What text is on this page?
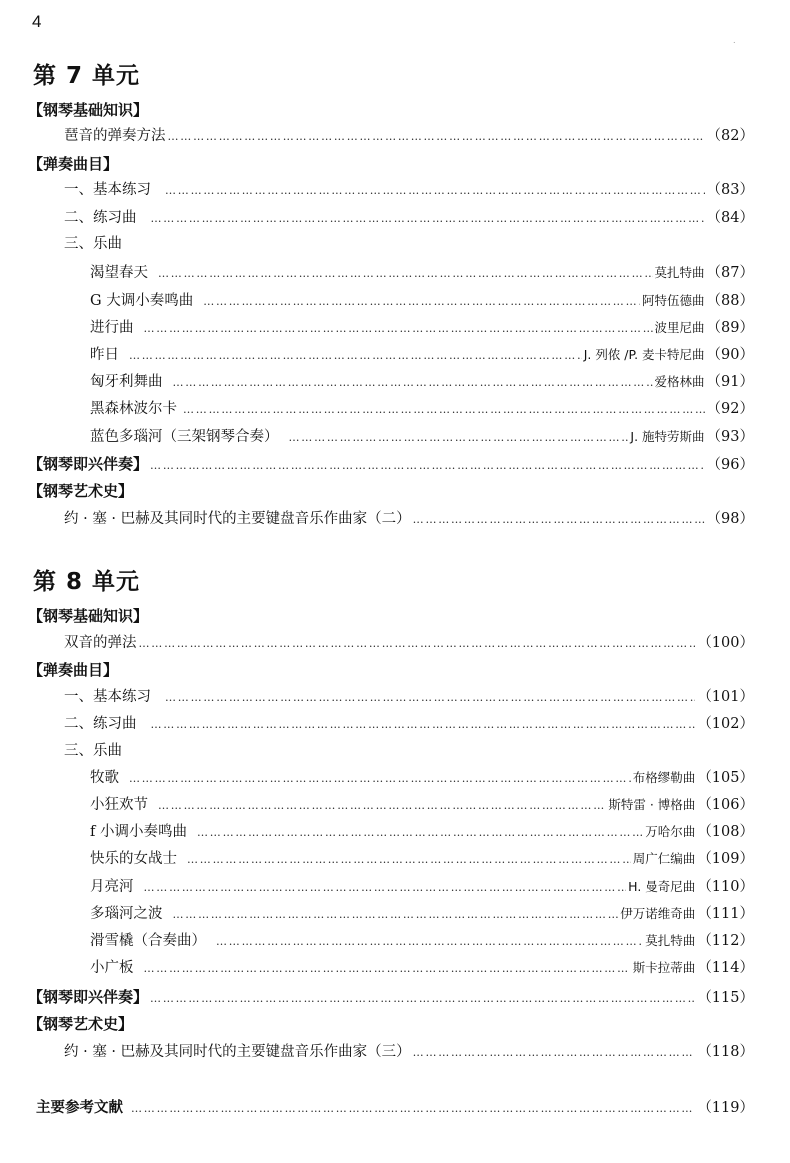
4
.
第 7 单元
【钢琴基础知识】
琶音的弹奏方法 ……………………………………………………………………………………………………………………………………………………………………………………………………………………………………	（82）
【弹奏曲目】
一、基本练习 ……………………………………………………………………………………………………………………………………………………………………………………………………………………………………	（83）
二、练习曲 ……………………………………………………………………………………………………………………………………………………………………………………………………………………………………	（84）
三、乐曲
渴望春天 ……………………………………………………………………………………………………………………………………………………………………………………………………………………………………	莫扎特曲 （87）
G 大调小奏鸣曲 ……………………………………………………………………………………………………………………………………………………………………………………………………………………………………	阿特伍德曲 （88）
进行曲 ……………………………………………………………………………………………………………………………………………………………………………………………………………………………………	波里尼曲 （89）
昨日 ……………………………………………………………………………………………………………………………………………………………………………………………………………………………………	J. 列侬 /P. 麦卡特尼曲 （90）
匈牙利舞曲 ……………………………………………………………………………………………………………………………………………………………………………………………………………………………………	爱格林曲 （91）
黑森林波尔卡 ……………………………………………………………………………………………………………………………………………………………………………………………………………………………………	（92）
蓝色多瑙河（三架钢琴合奏） ……………………………………………………………………………………………………………………………………………………………………………………………………………………………………	J. 施特劳斯曲 （93）
【钢琴即兴伴奏】 ……………………………………………………………………………………………………………………………………………………………………………………………………………………………………	（96）
【钢琴艺术史】
约 · 塞 · 巴赫及其同时代的主要键盘音乐作曲家（二） ……………………………………………………………………………………………………………………………………………………………………………………………………………………………………	（98）
第 8 单元
【钢琴基础知识】
双音的弹法 ……………………………………………………………………………………………………………………………………………………………………………………………………………………………………	（100）
【弹奏曲目】
一、基本练习 ……………………………………………………………………………………………………………………………………………………………………………………………………………………………………	（101）
二、练习曲 ……………………………………………………………………………………………………………………………………………………………………………………………………………………………………	（102）
三、乐曲
牧歌 ……………………………………………………………………………………………………………………………………………………………………………………………………………………………………	布格缪勒曲 （105）
小狂欢节 ……………………………………………………………………………………………………………………………………………………………………………………………………………………………………	斯特雷 · 博格曲 （106）
f 小调小奏鸣曲 ……………………………………………………………………………………………………………………………………………………………………………………………………………………………………	万哈尔曲 （108）
快乐的女战士 ……………………………………………………………………………………………………………………………………………………………………………………………………………………………………	周广仁编曲 （109）
月亮河 ……………………………………………………………………………………………………………………………………………………………………………………………………………………………………	H. 曼奇尼曲 （110）
多瑙河之波 ……………………………………………………………………………………………………………………………………………………………………………………………………………………………………	伊万诺维奇曲 （111）
滑雪橇（合奏曲） ……………………………………………………………………………………………………………………………………………………………………………………………………………………………………	莫扎特曲 （112）
小广板 ……………………………………………………………………………………………………………………………………………………………………………………………………………………………………	斯卡拉蒂曲 （114）
【钢琴即兴伴奏】 ……………………………………………………………………………………………………………………………………………………………………………………………………………………………………	（115）
【钢琴艺术史】
约 · 塞 · 巴赫及其同时代的主要键盘音乐作曲家（三） ……………………………………………………………………………………………………………………………………………………………………………………………………………………………………	（118）
主要参考文献 ……………………………………………………………………………………………………………………………………………………………………………………………………………………………………	（119）
